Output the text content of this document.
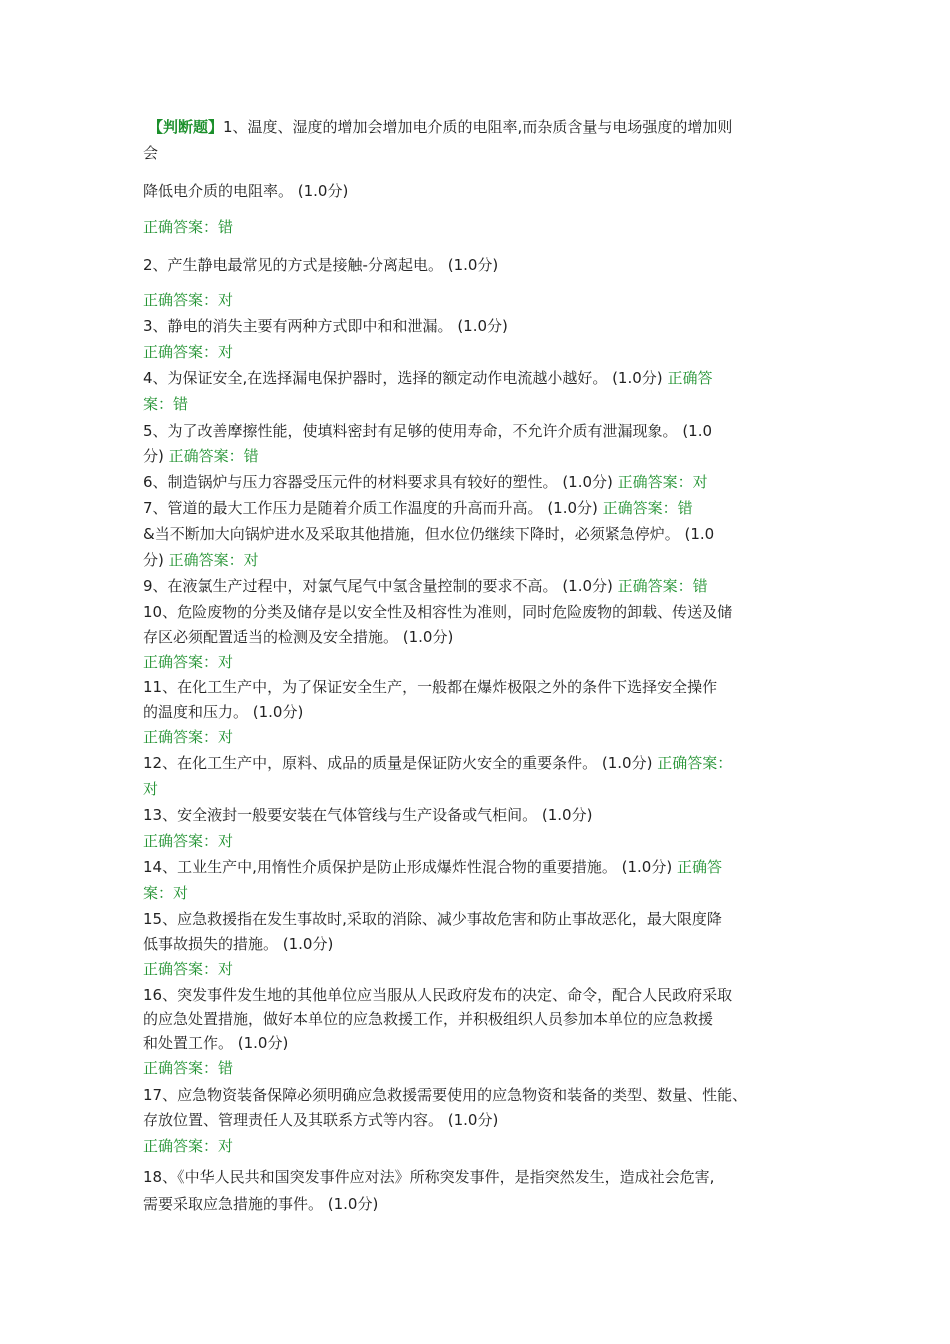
【判断题】1、温度、湿度的增加会增加电介质的电阻率,而杂质含量与电场强度的增加则
会
降低电介质的电阻率。 (1.0分)
正确答案：错
2、产生静电最常见的方式是接触-分离起电。 (1.0分)
正确答案：对
3、静电的消失主要有两种方式即中和和泄漏。 (1.0分)
正确答案：对
4、为保证安全,在选择漏电保护器时，选择的额定动作电流越小越好。 (1.0分) 正确答
案：错
5、为了改善摩擦性能，使填料密封有足够的使用寿命，不允许介质有泄漏现象。 (1.0
分) 正确答案：错
6、制造锅炉与压力容器受压元件的材料要求具有较好的塑性。 (1.0分) 正确答案：对
7、管道的最大工作压力是随着介质工作温度的升高而升高。 (1.0分) 正确答案：错
&当不断加大向锅炉进水及采取其他措施，但水位仍继续下降时，必须紧急停炉。 (1.0
分) 正确答案：对
9、在液氯生产过程中，对氯气尾气中氢含量控制的要求不高。 (1.0分) 正确答案：错
10、危险废物的分类及储存是以安全性及相容性为准则，同时危险废物的卸载、传送及储
存区必须配置适当的检测及安全措施。 (1.0分)
正确答案：对
11、在化工生产中，为了保证安全生产，一般都在爆炸极限之外的条件下选择安全操作
的温度和压力。 (1.0分)
正确答案：对
12、在化工生产中，原料、成品的质量是保证防火安全的重要条件。 (1.0分) 正确答案：
对
13、安全液封一般要安装在气体管线与生产设备或气柜间。 (1.0分)
正确答案：对
14、工业生产中,用惰性介质保护是防止形成爆炸性混合物的重要措施。 (1.0分) 正确答
案：对
15、应急救援指在发生事故时,采取的消除、减少事故危害和防止事故恶化，最大限度降
低事故损失的措施。 (1.0分)
正确答案：对
16、突发事件发生地的其他单位应当服从人民政府发布的决定、命令，配合人民政府采取
的应急处置措施，做好本单位的应急救援工作，并积极组织人员参加本单位的应急救援
和处置工作。 (1.0分)
正确答案：错
17、应急物资装备保障必须明确应急救援需要使用的应急物资和装备的类型、数量、性能、
存放位置、管理责任人及其联系方式等内容。 (1.0分)
正确答案：对
18、《中华人民共和国突发事件应对法》所称突发事件，是指突然发生，造成社会危害,
需要采取应急措施的事件。 (1.0分)
